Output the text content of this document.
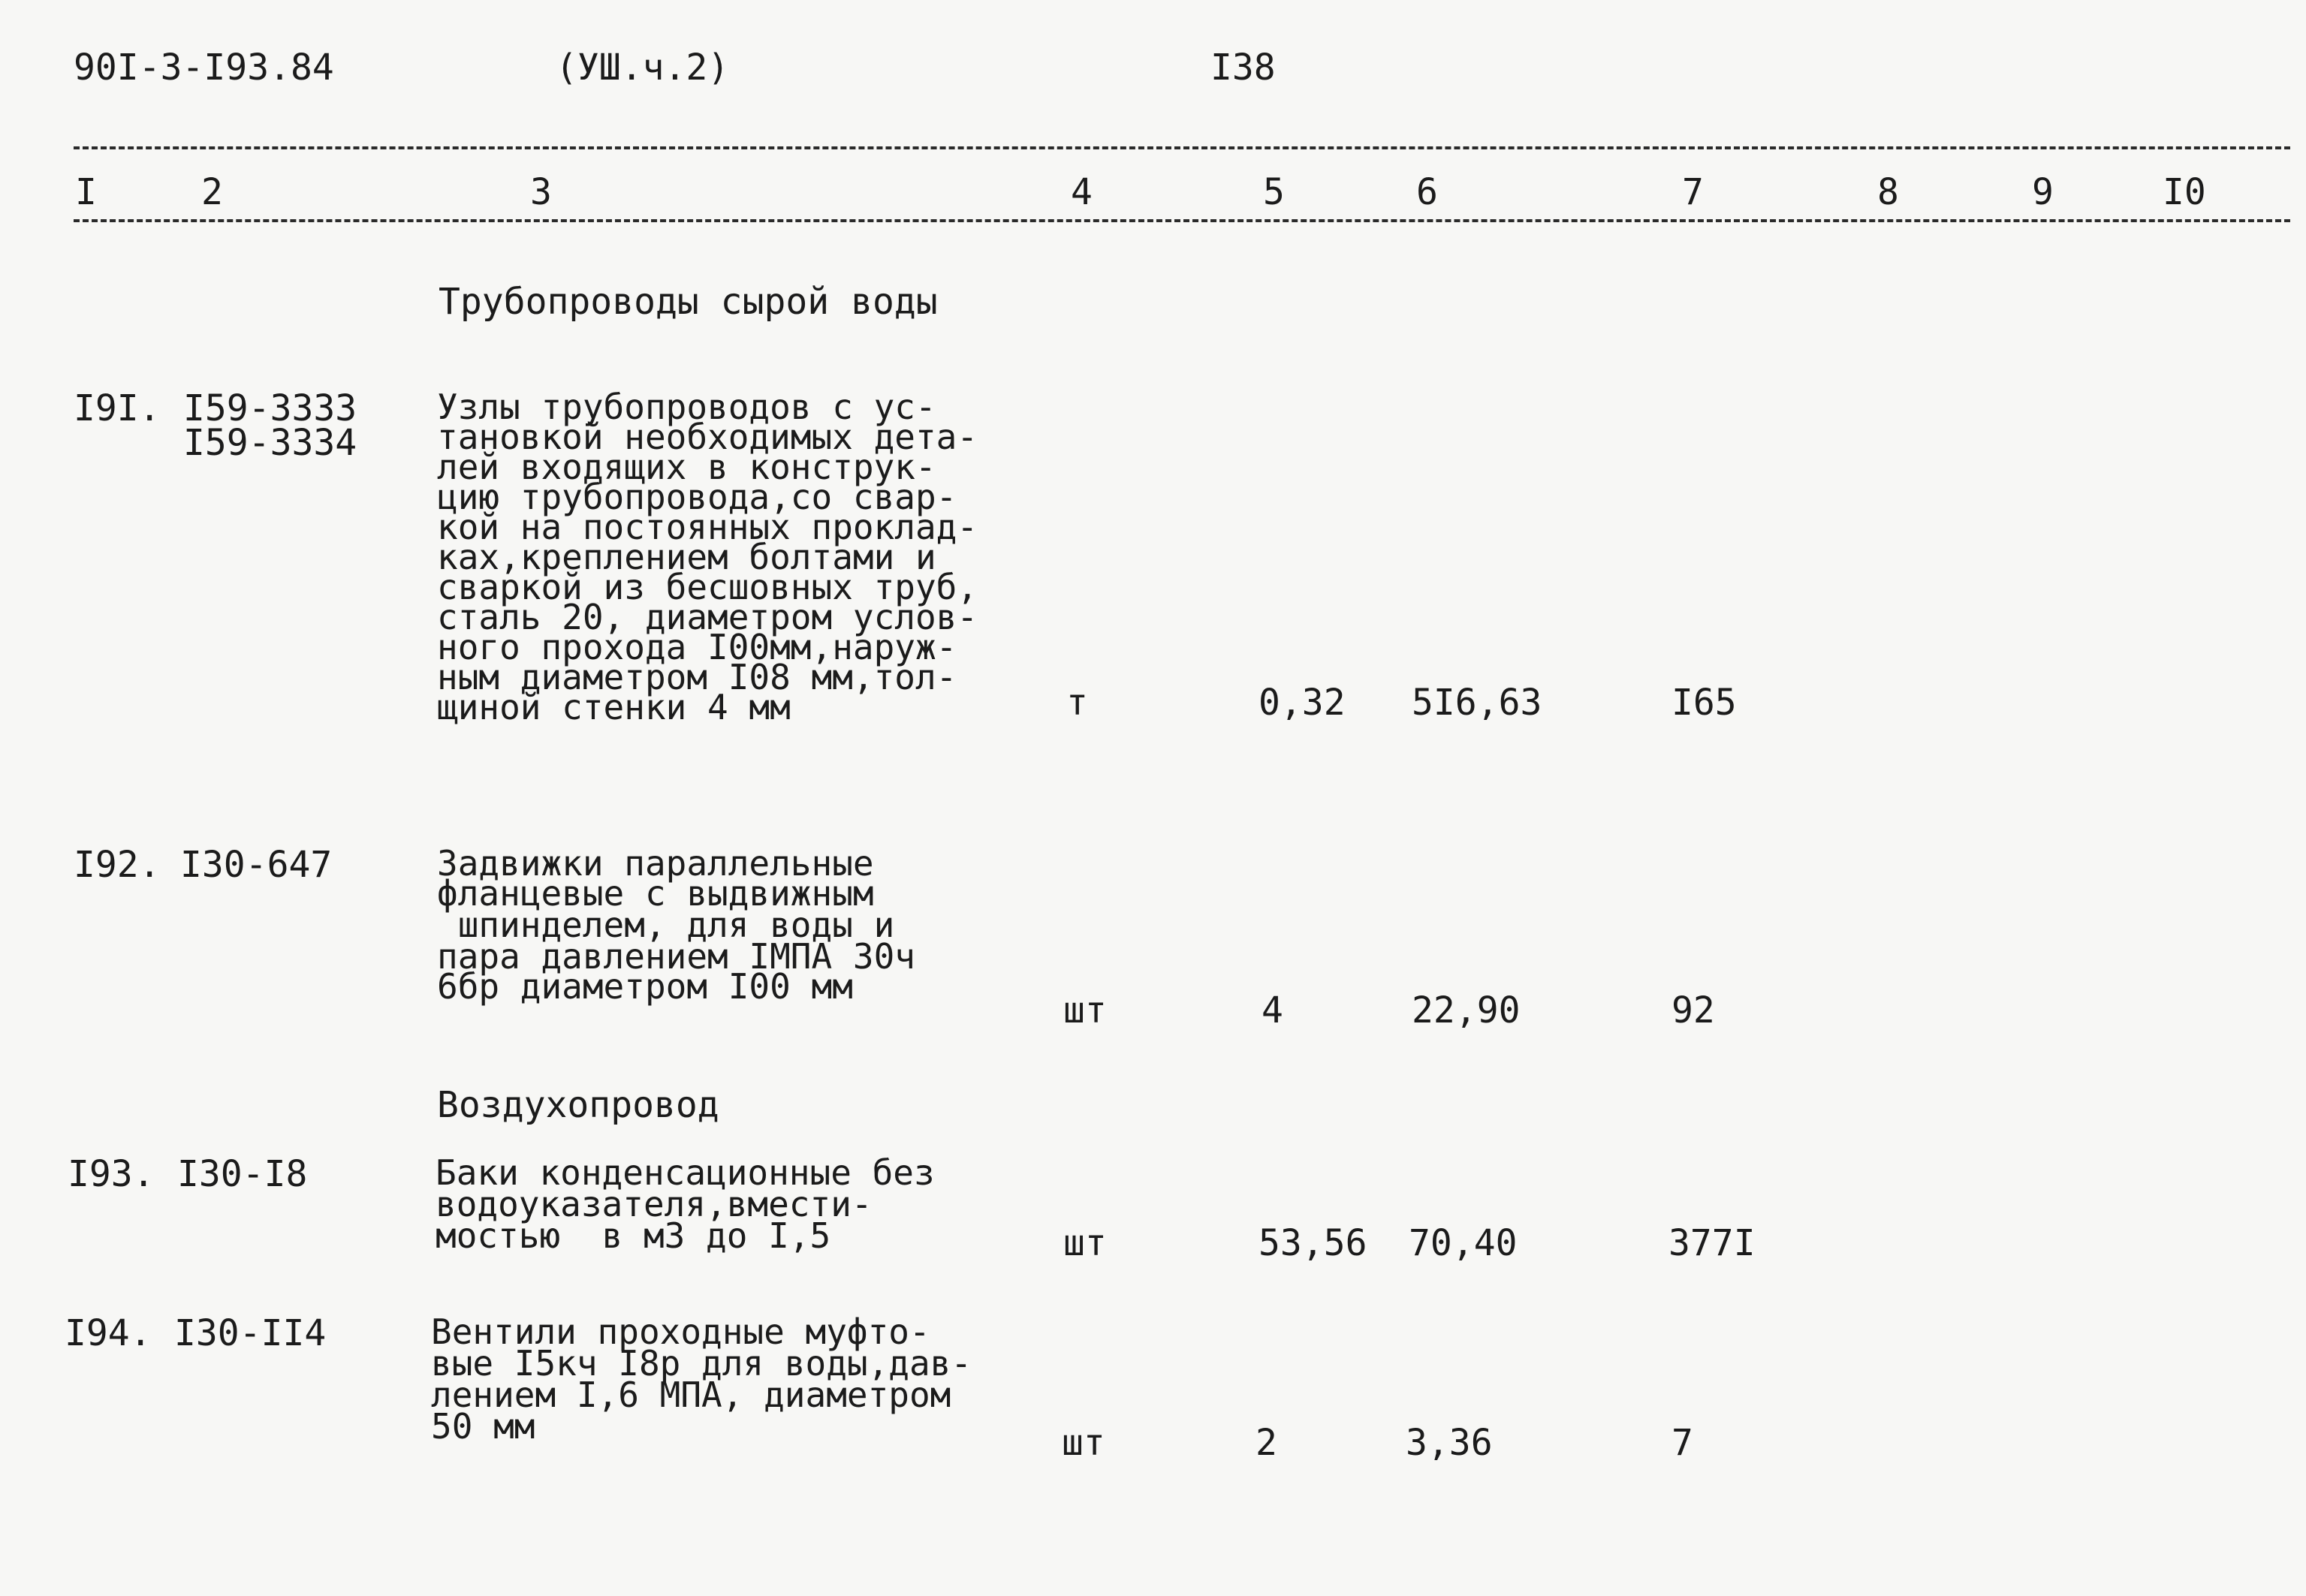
90I-3-I93.84	(УШ.ч.2)	I38
I	2	3	4	5	6	7	8	9	I0
Трубопроводы сырой воды
I9I. I59-3333
I59-3334
Узлы трубопроводов с ус-
тановкой необходимых дета-
лей входящих в конструк-
цию трубопровода,со свар-
кой на постоянных проклад-
ках,креплением болтами и
сваркой из бесшовных труб,
сталь 20, диаметром услов-
ного прохода I00мм,наруж-
ным диаметром I08 мм,тол-
щиной стенки 4 мм	т	0,32 5I6,63	I65
I92. I30-647	Задвижки параллельные
фланцевые с выдвижным
шпинделем, для воды и
пара давлением IМПА 30ч
6бр диаметром I00 мм
шт	4	22,90	92
Воздухопровод
I93. I30-I8	Баки конденсационные без
водоуказателя,вмести-
мостью  в м3 до I,5	шт	53,56 70,40	377I
I94. I30-II4	Вентили проходные муфто-
вые I5кч I8р для воды,дав-
лением I,6 МПА, диаметром
50 мм	шт	2	3,36	7
